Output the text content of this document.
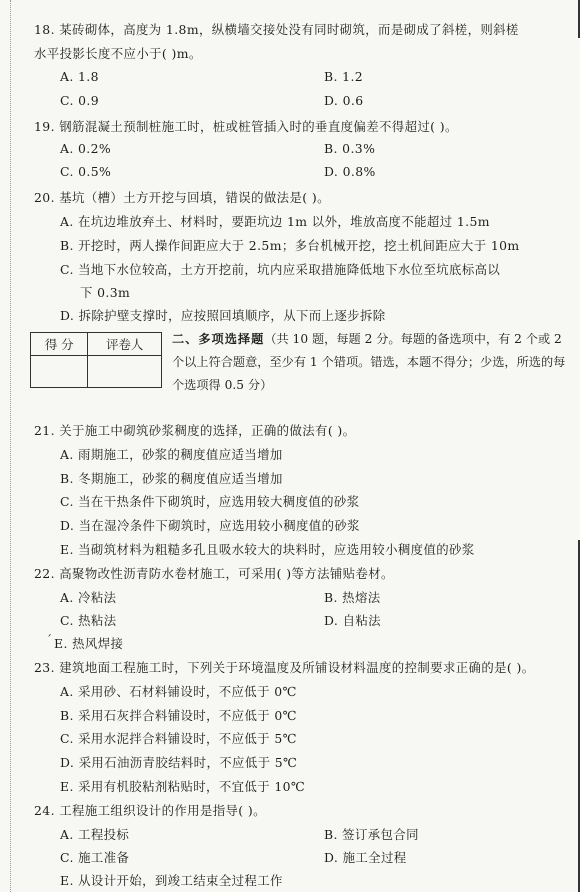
18. 某砖砌体，高度为 1.8m，纵横墙交接处没有同时砌筑，而是砌成了斜槎，则斜槎
水平投影长度不应小于( )m。
A. 1.8	B. 1.2
C. 0.9	D. 0.6
19. 钢筋混凝土预制桩施工时，桩或桩管插入时的垂直度偏差不得超过( )。
A. 0.2%	B. 0.3%
C. 0.5%	D. 0.8%
20. 基坑（槽）土方开挖与回填，错误的做法是( )。
A. 在坑边堆放弃土、材料时，要距坑边 1m 以外，堆放高度不能超过 1.5m
B. 开挖时，两人操作间距应大于 2.5m；多台机械开挖，挖土机间距应大于 10m
C. 当地下水位较高，土方开挖前，坑内应采取措施降低地下水位至坑底标高以
下 0.3m
D. 拆除护壁支撑时，应按照回填顺序，从下而上逐步拆除
得 分	评卷人
	二、多项选择题（共 10 题，每题 2 分。每题的备选项中，有 2 个或 2 个以上符合题意，至少有 1 个错项。错选，本题不得分；少选，所选的每个选项得 0.5 分）
21. 关于施工中砌筑砂浆稠度的选择，正确的做法有( )。
A. 雨期施工，砂浆的稠度值应适当增加
B. 冬期施工，砂浆的稠度值应适当增加
C. 当在干热条件下砌筑时，应选用较大稠度值的砂浆
D. 当在湿冷条件下砌筑时，应选用较小稠度值的砂浆
E. 当砌筑材料为粗糙多孔且吸水较大的块料时，应选用较小稠度值的砂浆
22. 高聚物改性沥青防水卷材施工，可采用( )等方法铺贴卷材。
A. 冷粘法	B. 热熔法
C. 热粘法	D. 自粘法
´ E. 热风焊接
23. 建筑地面工程施工时，下列关于环境温度及所铺设材料温度的控制要求正确的是( )。
A. 采用砂、石材料铺设时，不应低于 0℃
B. 采用石灰拌合料铺设时，不应低于 0℃
C. 采用水泥拌合料铺设时，不应低于 5℃
D. 采用石油沥青胶结料时，不应低于 5℃
E. 采用有机胶粘剂粘贴时，不宜低于 10℃
24. 工程施工组织设计的作用是指导( )。
A. 工程投标	B. 签订承包合同
C. 施工准备	D. 施工全过程
E. 从设计开始，到竣工结束全过程工作
